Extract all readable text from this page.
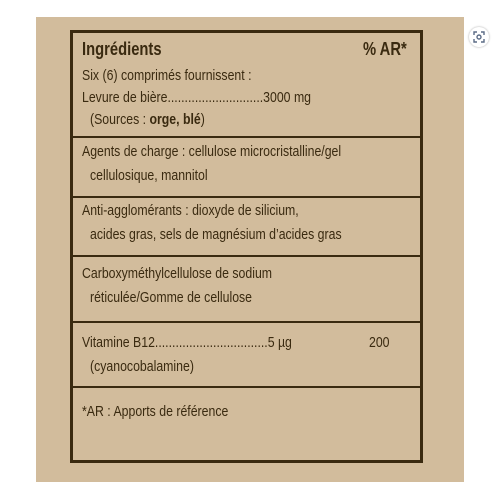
Ingrédients	% AR*
Six (6) comprimés fournissent :
Levure de bière............................3000 mg
(Sources : orge, blé)
Agents de charge : cellulose microcristalline/gel
cellulosique, mannitol
Anti-agglomérants : dioxyde de silicium,
acides gras, sels de magnésium d’acides gras
Carboxyméthylcellulose de sodium
réticulée/Gomme de cellulose
Vitamine B12.................................5 µg	200
(cyanocobalamine)
*AR : Apports de référence
